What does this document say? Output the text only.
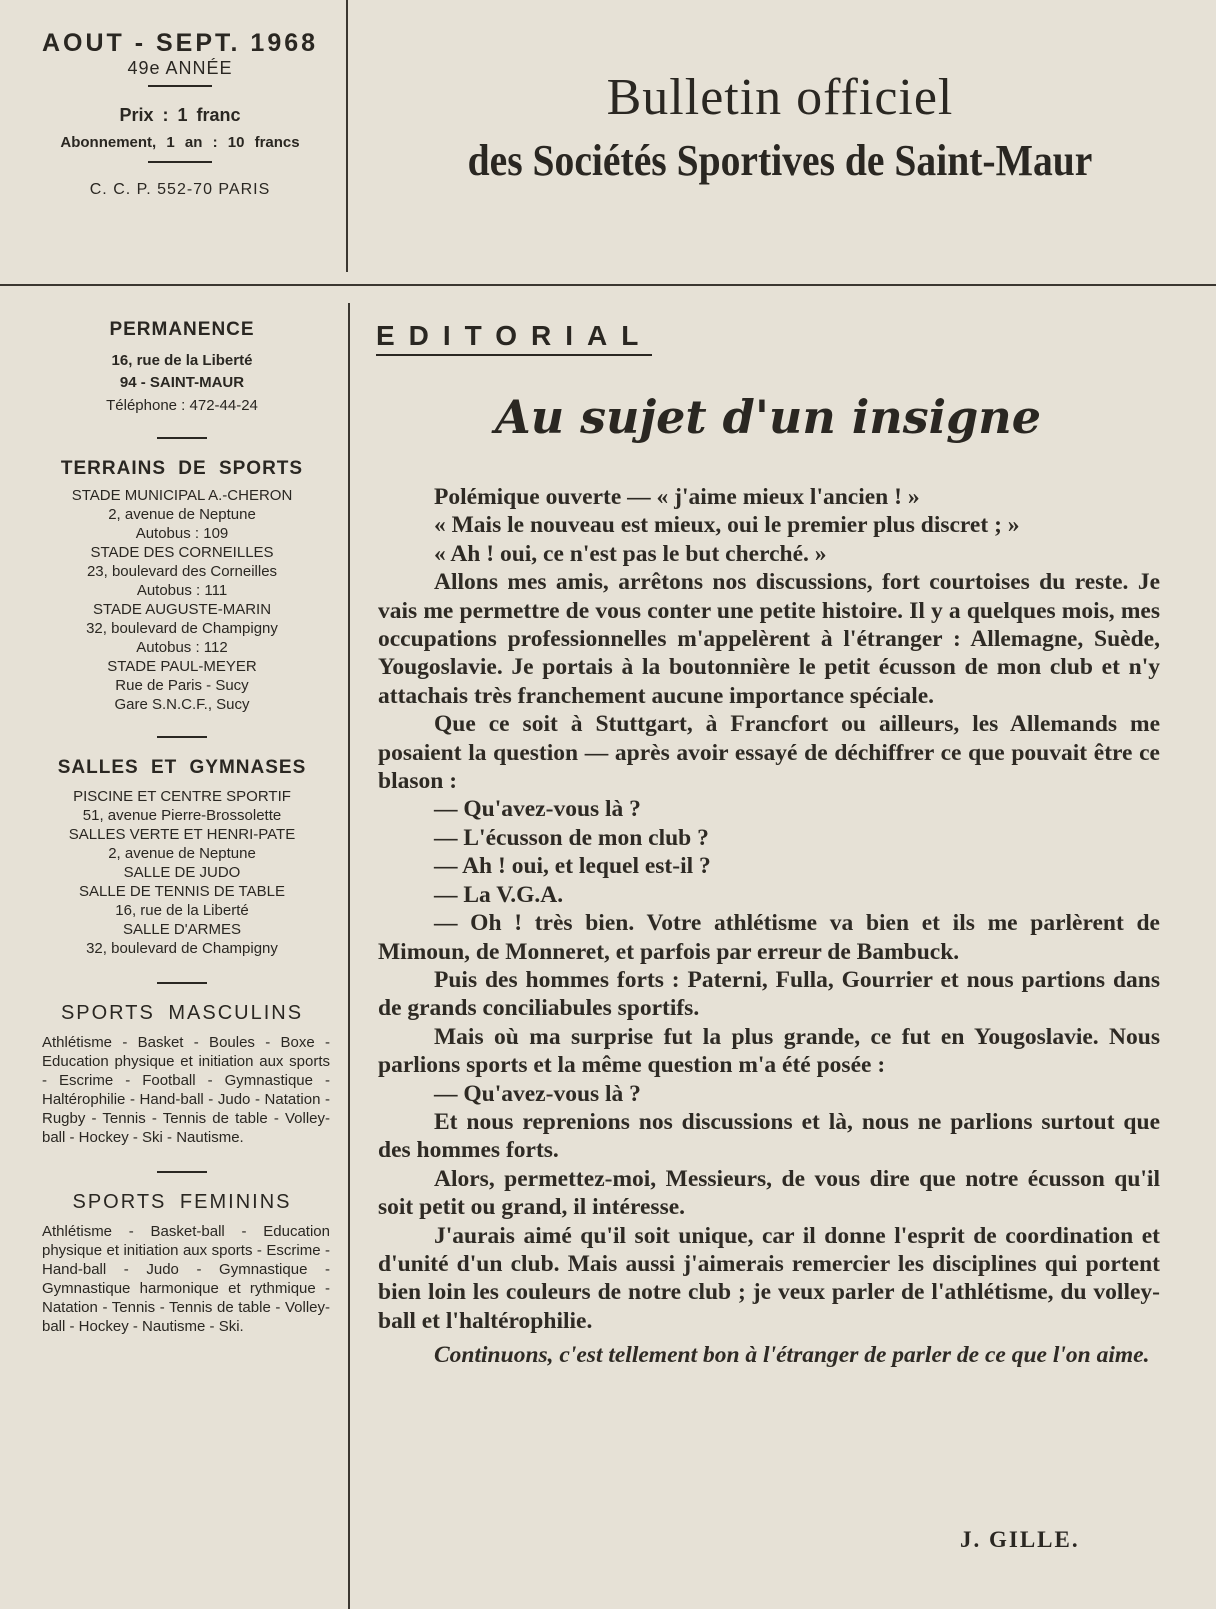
AOUT - SEPT. 1968

49e ANNÉE

Prix : 1 franc

Abonnement, 1 an : 10 francs

C. C. P. 552-70 PARIS

Bulletin officiel

des Sociétés Sportives de Saint-Maur

PERMANENCE

16, rue de la Liberté

94 - SAINT-MAUR

Téléphone : 472-44-24

TERRAINS DE SPORTS

STADE MUNICIPAL A.-CHERON

2, avenue de Neptune

Autobus : 109

STADE DES CORNEILLES

23, boulevard des Corneilles

Autobus : 111

STADE AUGUSTE-MARIN

32, boulevard de Champigny

Autobus : 112

STADE PAUL-MEYER

Rue de Paris - Sucy

Gare S.N.C.F., Sucy

SALLES ET GYMNASES

PISCINE ET CENTRE SPORTIF

51, avenue Pierre-Brossolette

SALLES VERTE ET HENRI-PATE

2, avenue de Neptune

SALLE DE JUDO

SALLE DE TENNIS DE TABLE

16, rue de la Liberté

SALLE D'ARMES

32, boulevard de Champigny

SPORTS MASCULINS

Athlétisme - Basket - Boules - Boxe - Education physique et initiation aux sports - Escrime - Football - Gymnastique - Haltérophilie - Hand-ball - Judo - Natation - Rugby - Tennis - Tennis de table - Volley-ball - Hockey - Ski - Nautisme.

SPORTS FEMININS

Athlétisme - Basket-ball - Education physique et initiation aux sports - Escrime - Hand-ball - Judo - Gymnastique - Gymnastique harmonique et rythmique - Natation - Tennis - Tennis de table - Volley-ball - Hockey - Nautisme - Ski.

EDITORIAL

Au sujet d'un insigne

Polémique ouverte — « j'aime mieux l'ancien ! »

« Mais le nouveau est mieux, oui le premier plus discret ; »

« Ah ! oui, ce n'est pas le but cherché. »

Allons mes amis, arrêtons nos discussions, fort courtoises du reste. Je vais me permettre de vous conter une petite histoire. Il y a quelques mois, mes occupations professionnelles m'appelèrent à l'étranger : Allemagne, Suède, Yougoslavie. Je portais à la boutonnière le petit écusson de mon club et n'y attachais très franchement aucune importance spéciale.

Que ce soit à Stuttgart, à Francfort ou ailleurs, les Allemands me posaient la question — après avoir essayé de déchiffrer ce que pouvait être ce blason :

— Qu'avez-vous là ?

— L'écusson de mon club ?

— Ah ! oui, et lequel est-il ?

— La V.G.A.

— Oh ! très bien. Votre athlétisme va bien et ils me parlèrent de Mimoun, de Monneret, et parfois par erreur de Bambuck.

Puis des hommes forts : Paterni, Fulla, Gourrier et nous partions dans de grands conciliabules sportifs.

Mais où ma surprise fut la plus grande, ce fut en Yougoslavie. Nous parlions sports et la même question m'a été posée :

— Qu'avez-vous là ?

Et nous reprenions nos discussions et là, nous ne parlions surtout que des hommes forts.

Alors, permettez-moi, Messieurs, de vous dire que notre écusson qu'il soit petit ou grand, il intéresse.

J'aurais aimé qu'il soit unique, car il donne l'esprit de coordination et d'unité d'un club. Mais aussi j'aimerais remercier les disciplines qui portent bien loin les couleurs de notre club ; je veux parler de l'athlétisme, du volley-ball et l'haltérophilie.

Continuons, c'est tellement bon à l'étranger de parler de ce que l'on aime.

J. GILLE.
